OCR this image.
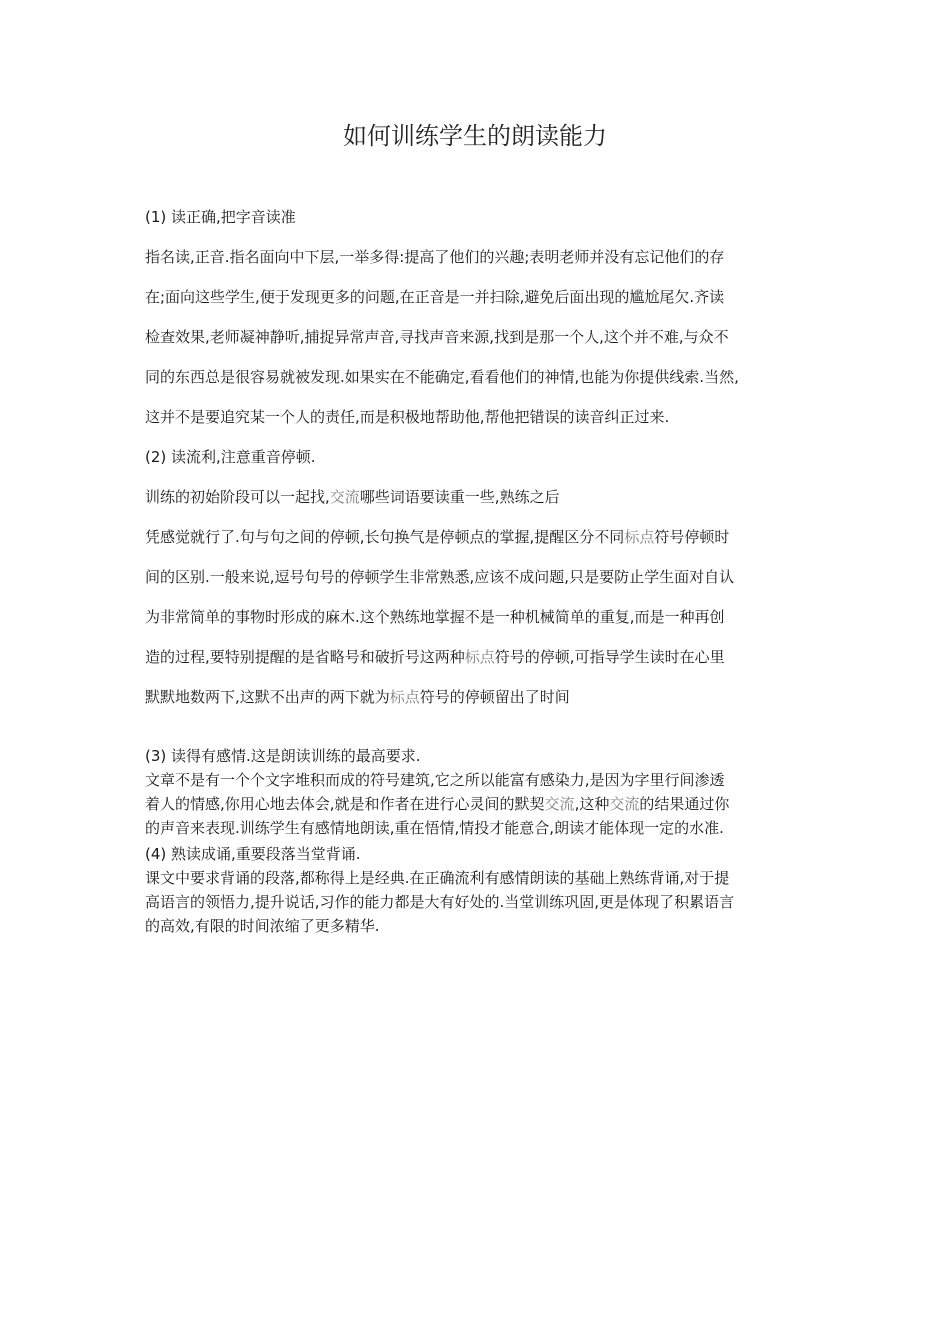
如何训练学生的朗读能力
(1) 读正确,把字音读准
指名读,正音.指名面向中下层,一举多得:提高了他们的兴趣;表明老师并没有忘记他们的存
在;面向这些学生,便于发现更多的问题,在正音是一并扫除,避免后面出现的尴尬尾欠.齐读
检查效果,老师凝神静听,捕捉异常声音,寻找声音来源,找到是那一个人,这个并不难,与众不
同的东西总是很容易就被发现.如果实在不能确定,看看他们的神情,也能为你提供线索.当然,
这并不是要追究某一个人的责任,而是积极地帮助他,帮他把错误的读音纠正过来.
(2) 读流利,注意重音停顿.
训练的初始阶段可以一起找,交流哪些词语要读重一些,熟练之后
凭感觉就行了.句与句之间的停顿,长句换气是停顿点的掌握,提醒区分不同标点符号停顿时
间的区别.一般来说,逗号句号的停顿学生非常熟悉,应该不成问题,只是要防止学生面对自认
为非常简单的事物时形成的麻木.这个熟练地掌握不是一种机械简单的重复,而是一种再创
造的过程,要特别提醒的是省略号和破折号这两种标点符号的停顿,可指导学生读时在心里
默默地数两下,这默不出声的两下就为标点符号的停顿留出了时间
(3) 读得有感情.这是朗读训练的最高要求.
文章不是有一个个文字堆积而成的符号建筑,它之所以能富有感染力,是因为字里行间渗透
着人的情感,你用心地去体会,就是和作者在进行心灵间的默契交流,这种交流的结果通过你
的声音来表现.训练学生有感情地朗读,重在悟情,情投才能意合,朗读才能体现一定的水准.
(4) 熟读成诵,重要段落当堂背诵.
课文中要求背诵的段落,都称得上是经典.在正确流利有感情朗读的基础上熟练背诵,对于提
高语言的领悟力,提升说话,习作的能力都是大有好处的.当堂训练巩固,更是体现了积累语言
的高效,有限的时间浓缩了更多精华.
